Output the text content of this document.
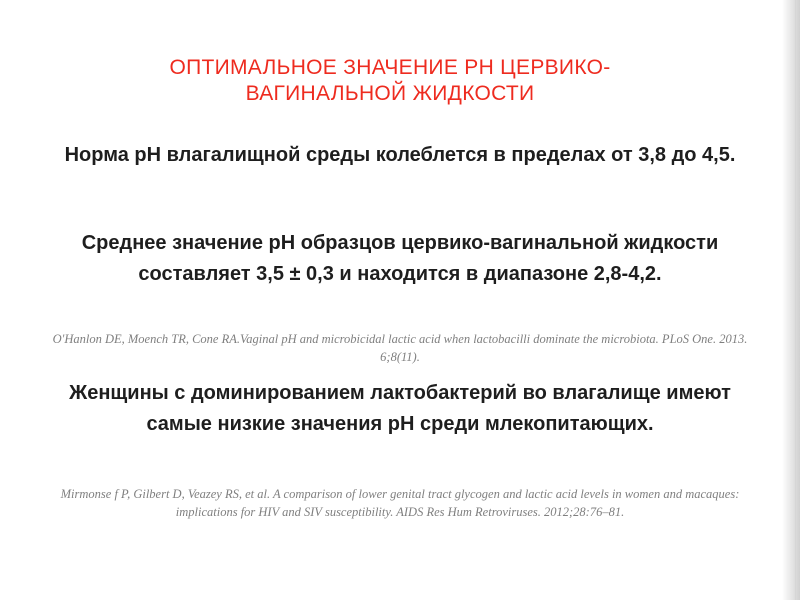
ОПТИМАЛЬНОЕ ЗНАЧЕНИЕ РН ЦЕРВИКО-ВАГИНАЛЬНОЙ ЖИДКОСТИ
Норма рН влагалищной среды колеблется в пределах от 3,8 до 4,5.
Среднее значение рН образцов цервико-вагинальной жидкости составляет 3,5 ± 0,3 и находится в диапазоне 2,8-4,2.
O'Hanlon DE, Moench TR, Cone RA.Vaginal pH and microbicidal lactic acid when lactobacilli dominate the microbiota. PLoS One. 2013. 6;8(11).
Женщины с доминированием лактобактерий во влагалище имеют самые низкие значения рН среди млекопитающих.
Mirmonse f P, Gilbert D, Veazey RS, et al. A comparison of lower genital tract glycogen and lactic acid levels in women and macaques: implications for HIV and SIV susceptibility. AIDS Res Hum Retroviruses. 2012;28:76–81.
